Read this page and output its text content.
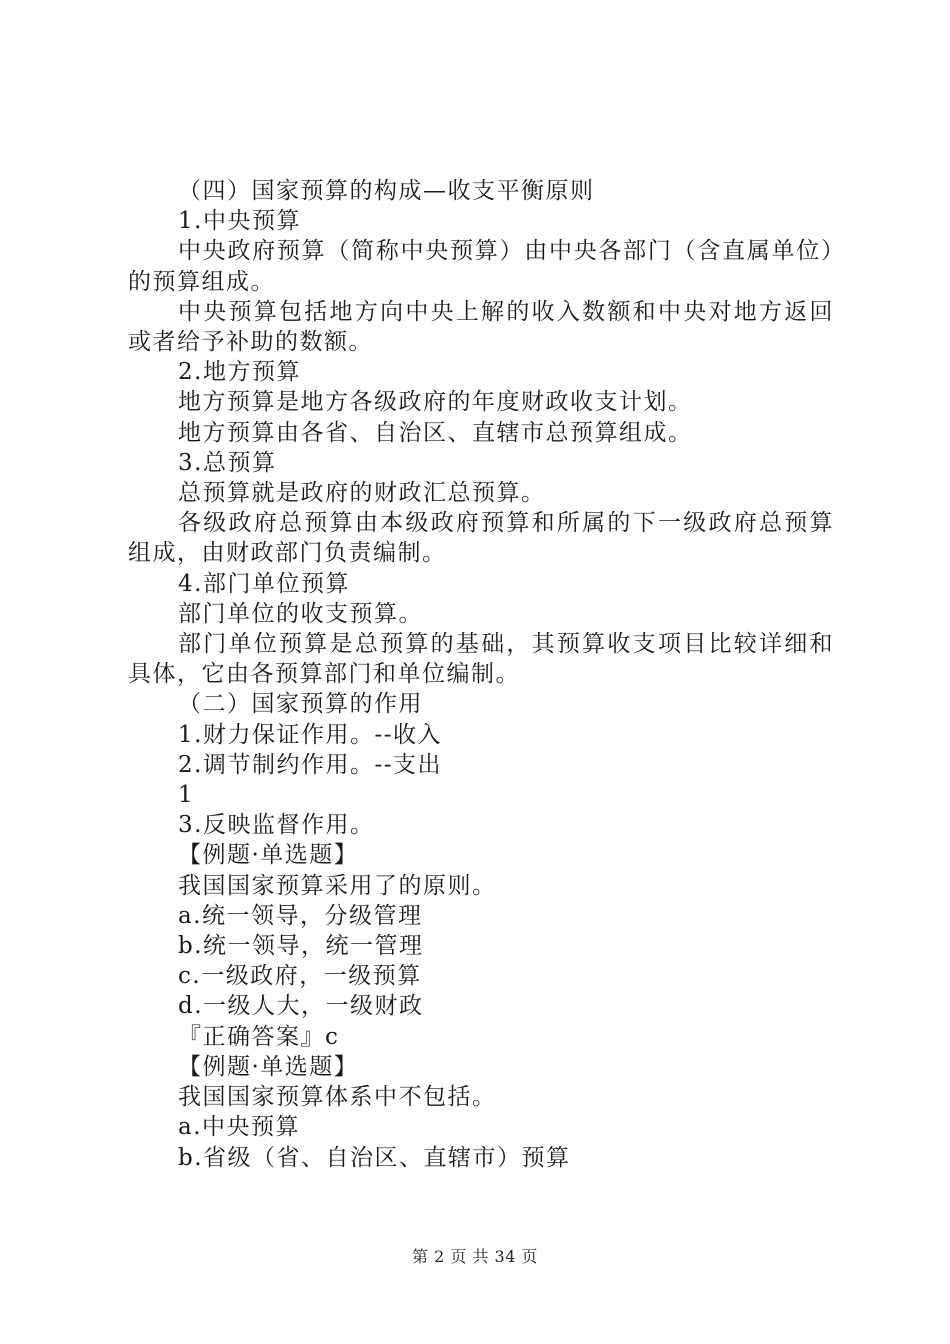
（四）国家预算的构成—收支平衡原则

1.中央预算

中央政府预算（简称中央预算）由中央各部门（含直属单位）的预算组成。

中央预算包括地方向中央上解的收入数额和中央对地方返回或者给予补助的数额。

2.地方预算

地方预算是地方各级政府的年度财政收支计划。

地方预算由各省、自治区、直辖市总预算组成。

3.总预算

总预算就是政府的财政汇总预算。

各级政府总预算由本级政府预算和所属的下一级政府总预算组成，由财政部门负责编制。

4.部门单位预算

部门单位的收支预算。

部门单位预算是总预算的基础，其预算收支项目比较详细和具体，它由各预算部门和单位编制。

（二）国家预算的作用

1.财力保证作用。--收入

2.调节制约作用。--支出

1

3.反映监督作用。

【例题·单选题】

我国国家预算采用了的原则。

a.统一领导，分级管理

b.统一领导，统一管理

c.一级政府，一级预算

d.一级人大，一级财政

『正确答案』c

【例题·单选题】

我国国家预算体系中不包括。

a.中央预算

b.省级（省、自治区、直辖市）预算

第 2 页 共 34 页
